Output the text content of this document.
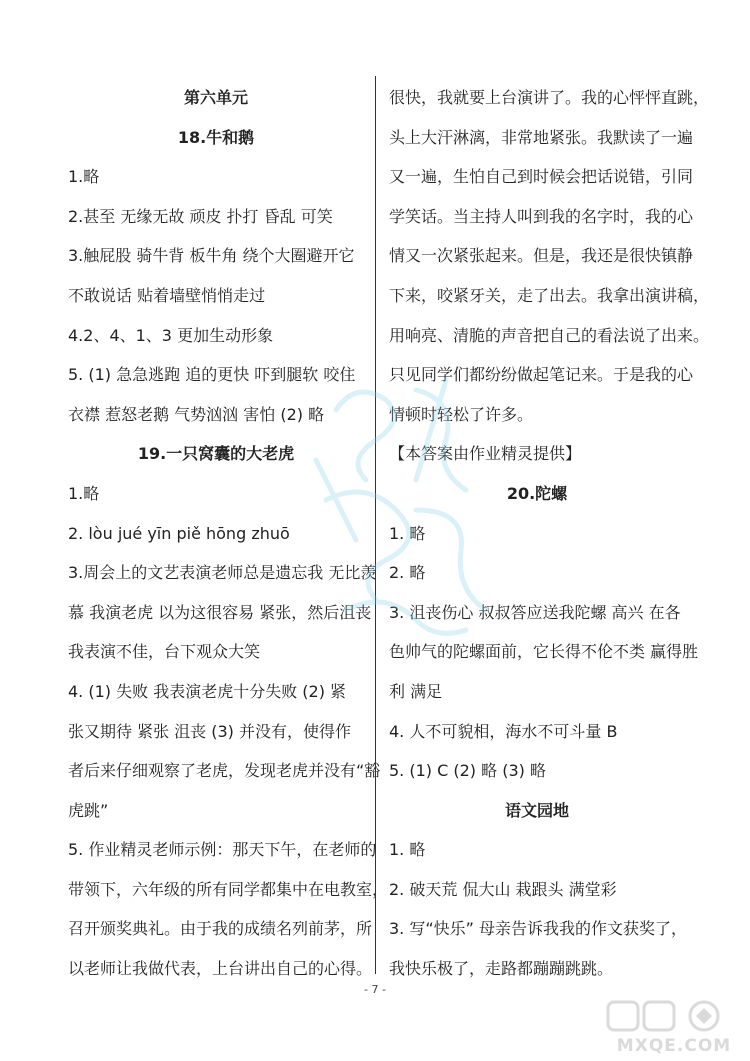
第六单元
18.牛和鹅
1.略
2.甚至 无缘无故 顽皮 扑打 昏乱 可笑
3.触屁股 骑牛背 板牛角 绕个大圈避开它
不敢说话 贴着墙壁悄悄走过
4.2、4、1、3 更加生动形象
5. (1) 急急逃跑 追的更快 吓到腿软 咬住
衣襟 惹怒老鹅 气势汹汹 害怕 (2) 略
19.一只窝囊的大老虎
1.略
2. lòu jué yīn piě hōng zhuō
3.周会上的文艺表演老师总是遗忘我 无比羡
慕 我演老虎 以为这很容易 紧张，然后沮丧
我表演不佳，台下观众大笑
4. (1) 失败 我表演老虎十分失败 (2) 紧
张又期待 紧张 沮丧 (3) 并没有，使得作
者后来仔细观察了老虎，发现老虎并没有“豁
虎跳”
5. 作业精灵老师示例：那天下午，在老师的
带领下，六年级的所有同学都集中在电教室，
召开颁奖典礼。由于我的成绩名列前茅，所
以老师让我做代表，上台讲出自己的心得。
很快，我就要上台演讲了。我的心怦怦直跳，
头上大汗淋漓，非常地紧张。我默读了一遍
又一遍，生怕自己到时候会把话说错，引同
学笑话。当主持人叫到我的名字时，我的心
情又一次紧张起来。但是，我还是很快镇静
下来，咬紧牙关，走了出去。我拿出演讲稿，
用响亮、清脆的声音把自己的看法说了出来。
只见同学们都纷纷做起笔记来。于是我的心
情顿时轻松了许多。
【本答案由作业精灵提供】
20.陀螺
1. 略
2. 略
3. 沮丧伤心 叔叔答应送我陀螺 高兴 在各
色帅气的陀螺面前，它长得不伦不类 赢得胜
利 满足
4. 人不可貌相，海水不可斗量 B
5. (1) C (2) 略 (3) 略
语文园地
1. 略
2. 破天荒 侃大山 栽跟头 满堂彩
3. 写“快乐” 母亲告诉我我的作文获奖了，
我快乐极了，走路都蹦蹦跳跳。
MXQE.COM
- 7 -
